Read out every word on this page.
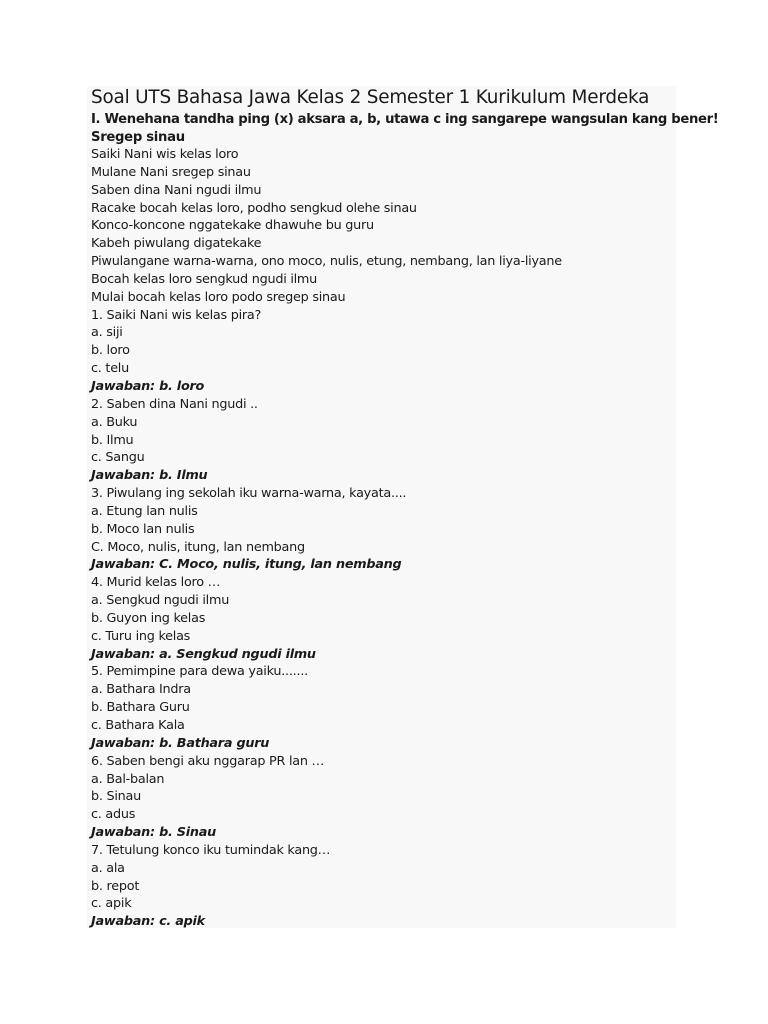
Soal UTS Bahasa Jawa Kelas 2 Semester 1 Kurikulum Merdeka
I. Wenehana tandha ping (x) aksara a, b, utawa c ing sangarepe wangsulan kang bener!
Sregep sinau
Saiki Nani wis kelas loro
Mulane Nani sregep sinau
Saben dina Nani ngudi ilmu
Racake bocah kelas loro, podho sengkud olehe sinau
Konco-koncone nggatekake dhawuhe bu guru
Kabeh piwulang digatekake
Piwulangane warna-warna, ono moco, nulis, etung, nembang, lan liya-liyane
Bocah kelas loro sengkud ngudi ilmu
Mulai bocah kelas loro podo sregep sinau
1. Saiki Nani wis kelas pira?
a. siji
b. loro
c. telu
Jawaban: b. loro
2. Saben dina Nani ngudi ..
a. Buku
b. Ilmu
c. Sangu
Jawaban: b. Ilmu
3. Piwulang ing sekolah iku warna-warna, kayata....
a. Etung lan nulis
b. Moco lan nulis
C. Moco, nulis, itung, lan nembang
Jawaban: C. Moco, nulis, itung, lan nembang
4. Murid kelas loro …
a. Sengkud ngudi ilmu
b. Guyon ing kelas
c. Turu ing kelas
Jawaban: a. Sengkud ngudi ilmu
5. Pemimpine para dewa yaiku.......
a. Bathara Indra
b. Bathara Guru
c. Bathara Kala
Jawaban: b. Bathara guru
6. Saben bengi aku nggarap PR lan …
a. Bal-balan
b. Sinau
c. adus
Jawaban: b. Sinau
7. Tetulung konco iku tumindak kang…
a. ala
b. repot
c. apik
Jawaban: c. apik
